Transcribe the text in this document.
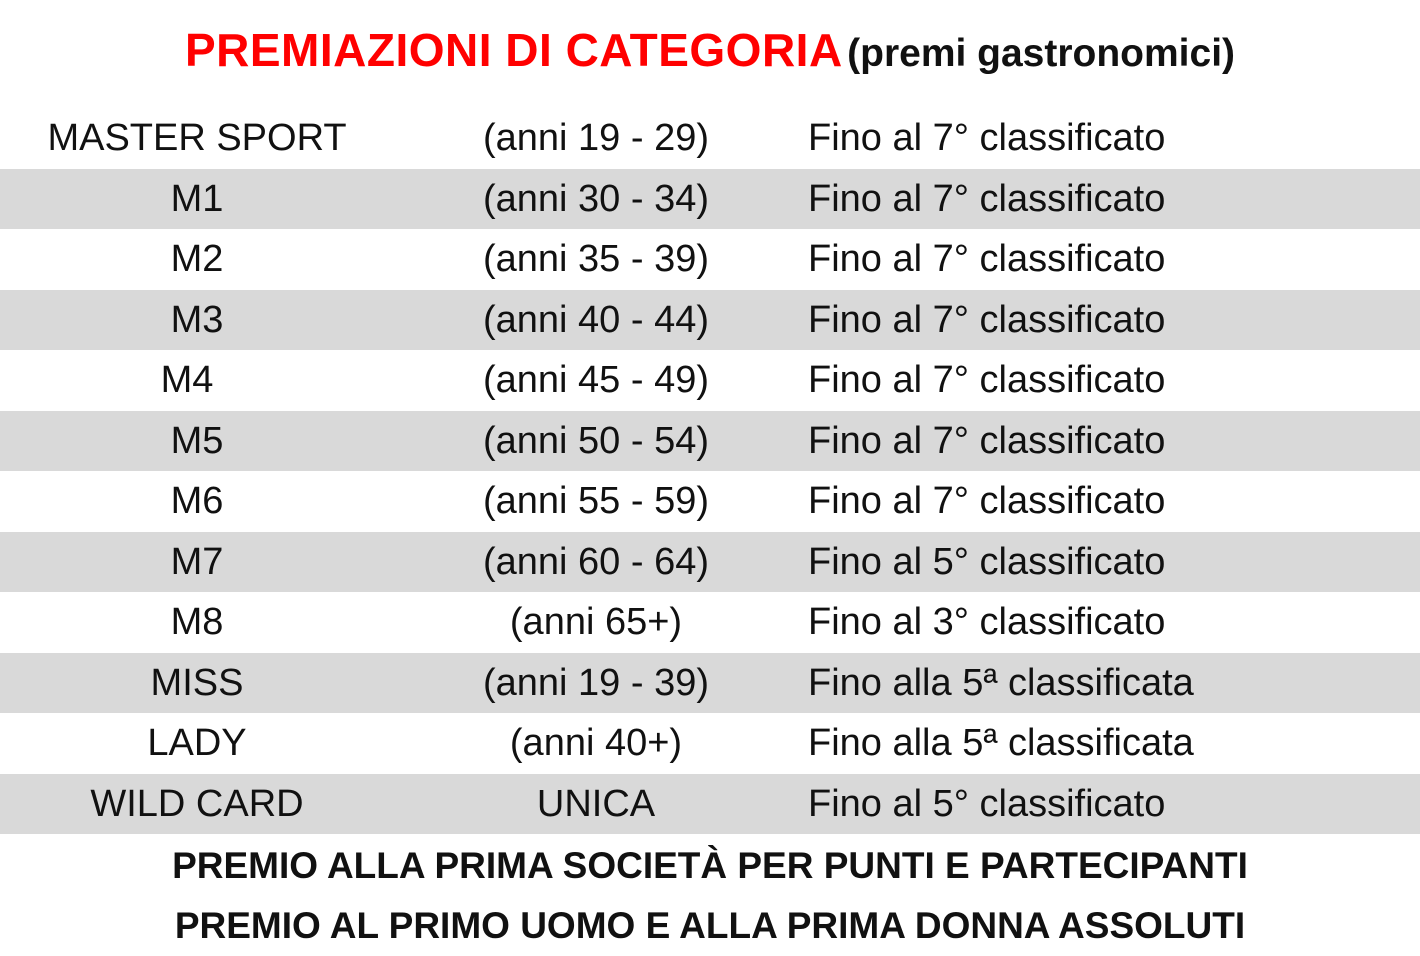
PREMIAZIONI DI CATEGORIA (premi gastronomici)
MASTER SPORT	(anni 19 - 29)	Fino al 7° classificato
M1	(anni 30 - 34)	Fino al 7° classificato
M2	(anni 35 - 39)	Fino al 7° classificato
M3	(anni 40 - 44)	Fino al 7° classificato
M4	(anni 45 - 49)	Fino al 7° classificato
M5	(anni 50 - 54)	Fino al 7° classificato
M6	(anni 55 - 59)	Fino al 7° classificato
M7	(anni 60 - 64)	Fino al 5° classificato
M8	(anni 65+)	Fino al 3° classificato
MISS	(anni 19 - 39)	Fino alla 5ª classificata
LADY	(anni 40+)	Fino alla 5ª classificata
WILD CARD	UNICA	Fino al 5° classificato
PREMIO ALLA PRIMA SOCIETÀ PER PUNTI E PARTECIPANTI
PREMIO AL PRIMO UOMO E ALLA PRIMA DONNA ASSOLUTI
